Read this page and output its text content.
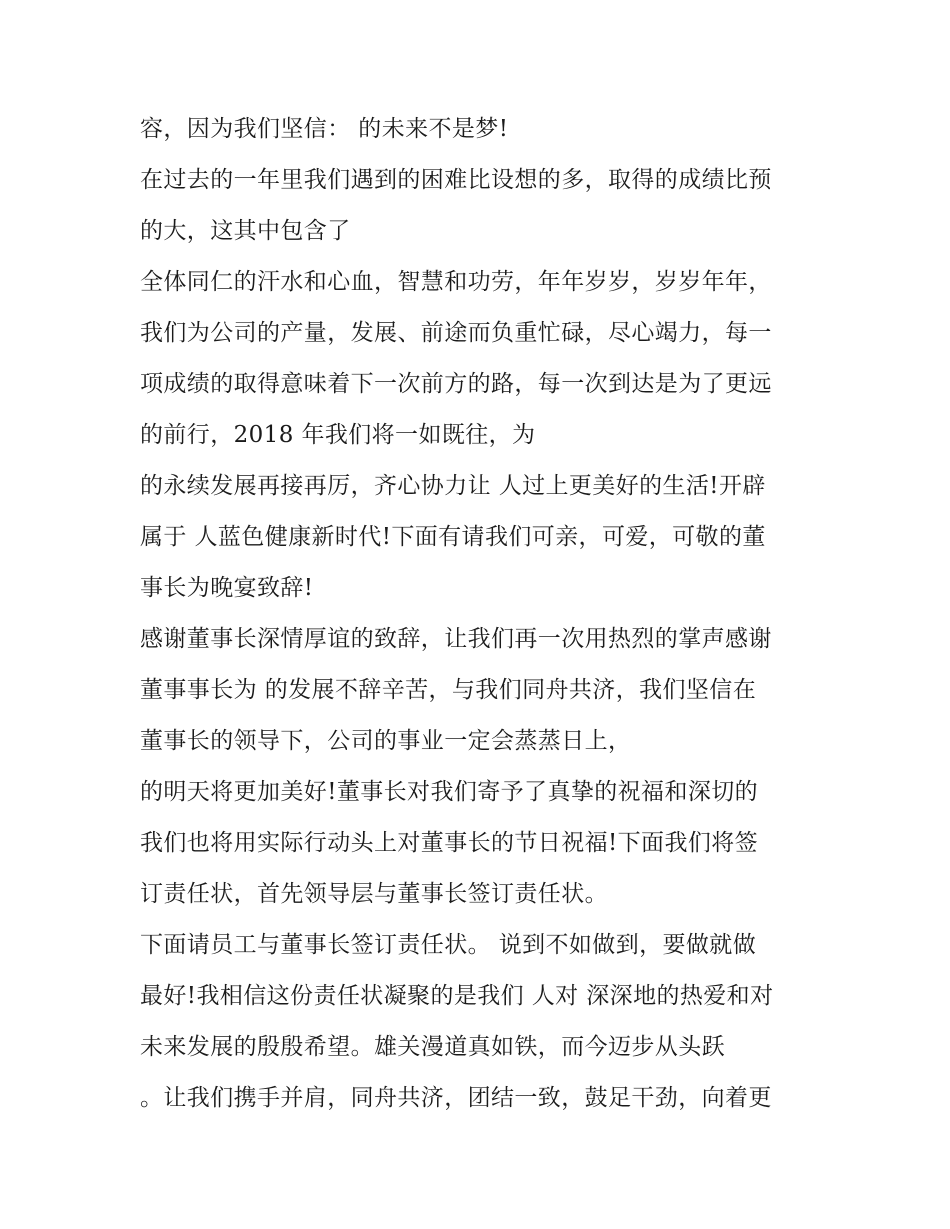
容，因为我们坚信： 的未来不是梦!
在过去的一年里我们遇到的困难比设想的多，取得的成绩比预
的大，这其中包含了
全体同仁的汗水和心血，智慧和功劳，年年岁岁，岁岁年年，
我们为公司的产量，发展、前途而负重忙碌，尽心竭力，每一
项成绩的取得意味着下一次前方的路，每一次到达是为了更远
的前行，2018 年我们将一如既往，为
的永续发展再接再厉，齐心协力让 人过上更美好的生活!开辟
属于 人蓝色健康新时代!下面有请我们可亲，可爱，可敬的董
事长为晚宴致辞!
感谢董事长深情厚谊的致辞，让我们再一次用热烈的掌声感谢
董事事长为 的发展不辞辛苦，与我们同舟共济，我们坚信在
董事长的领导下，公司的事业一定会蒸蒸日上，
的明天将更加美好!董事长对我们寄予了真挚的祝福和深切的
我们也将用实际行动头上对董事长的节日祝福!下面我们将签
订责任状，首先领导层与董事长签订责任状。
下面请员工与董事长签订责任状。 说到不如做到，要做就做
最好!我相信这份责任状凝聚的是我们 人对 深深地的热爱和对
未来发展的殷殷希望。雄关漫道真如铁，而今迈步从头跃
。让我们携手并肩，同舟共济，团结一致，鼓足干劲，向着更
